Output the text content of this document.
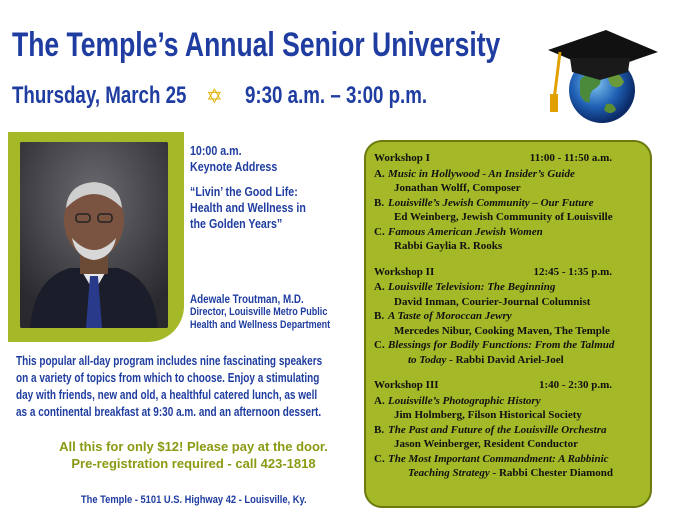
The Temple’s Annual Senior University
Thursday, March 25 ✡ 9:30 a.m. – 3:00 p.m.
10:00 a.m.
Keynote Address
“Livin’ the Good Life:
Health and Wellness in
the Golden Years”
Adewale Troutman, M.D.
Director, Louisville Metro Public
Health and Wellness Department
This popular all-day program includes nine fascinating speakers
on a variety of topics from which to choose. Enjoy a stimulating
day with friends, new and old, a healthful catered lunch, as well
as a continental breakfast at 9:30 a.m. and an afternoon dessert.
All this for only $12! Please pay at the door.
Pre-registration required - call 423-1818
The Temple - 5101 U.S. Highway 42 - Louisville, Ky.
Workshop I	11:00 - 11:50 a.m.
A. Music in Hollywood - An Insider’s Guide
Jonathan Wolff, Composer
B. Louisville’s Jewish Community – Our Future
Ed Weinberg, Jewish Community of Louisville
C. Famous American Jewish Women
Rabbi Gaylia R. Rooks
Workshop II	12:45 - 1:35 p.m.
A. Louisville Television: The Beginning
David Inman, Courier-Journal Columnist
B. A Taste of Moroccan Jewry
Mercedes Nibur, Cooking Maven, The Temple
C. Blessings for Bodily Functions: From the Talmud
to Today - Rabbi David Ariel-Joel
Workshop III	1:40 - 2:30 p.m.
A. Louisville’s Photographic History
Jim Holmberg, Filson Historical Society
B. The Past and Future of the Louisville Orchestra
Jason Weinberger, Resident Conductor
C. The Most Important Commandment: A Rabbinic
Teaching Strategy - Rabbi Chester Diamond
